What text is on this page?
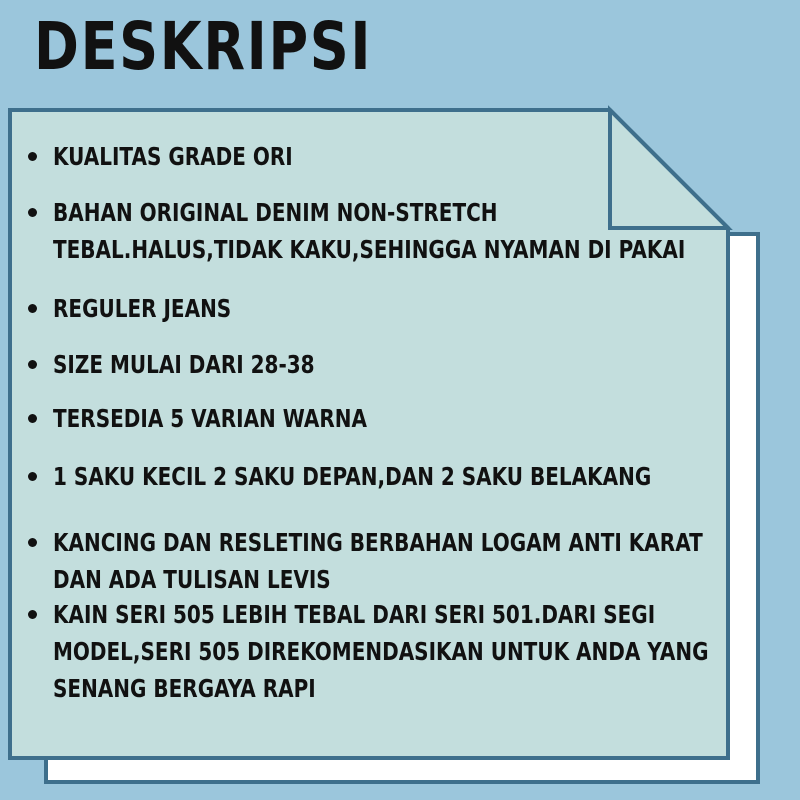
DESKRIPSI
KUALITAS GRADE ORI
BAHAN ORIGINAL DENIM NON-STRETCH
TEBAL.HALUS,TIDAK KAKU,SEHINGGA NYAMAN DI PAKAI
REGULER JEANS
SIZE MULAI DARI 28-38
TERSEDIA 5 VARIAN WARNA
1 SAKU KECIL 2 SAKU DEPAN,DAN 2 SAKU BELAKANG
KANCING DAN RESLETING BERBAHAN LOGAM ANTI KARAT
DAN ADA TULISAN LEVIS
KAIN SERI 505 LEBIH TEBAL DARI SERI 501.DARI SEGI
MODEL,SERI 505 DIREKOMENDASIKAN UNTUK ANDA YANG
SENANG BERGAYA RAPI
